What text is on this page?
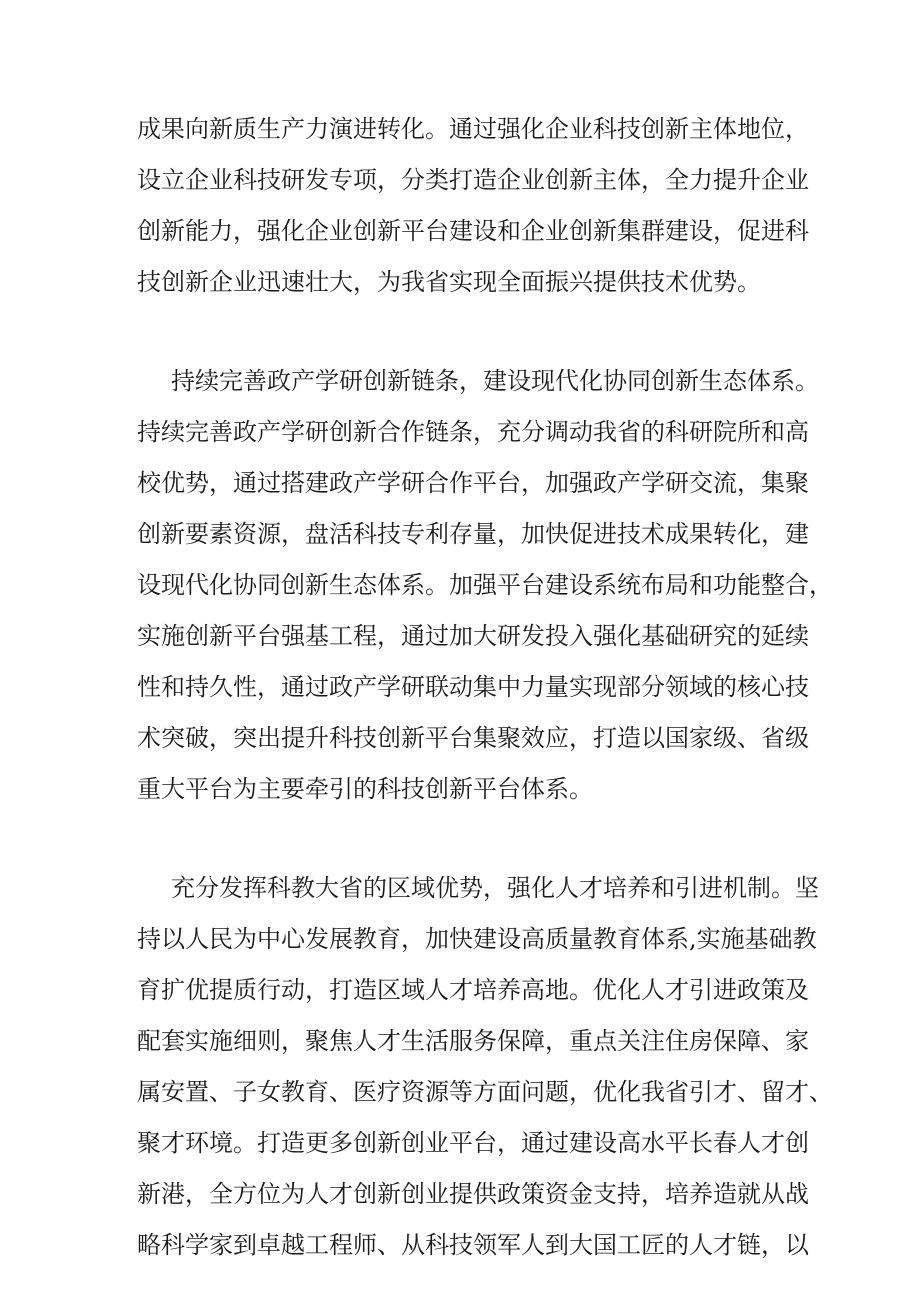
成果向新质生产力演进转化。通过强化企业科技创新主体地位，
设立企业科技研发专项，分类打造企业创新主体，全力提升企业
创新能力，强化企业创新平台建设和企业创新集群建设，促进科
技创新企业迅速壮大，为我省实现全面振兴提供技术优势。
持续完善政产学研创新链条，建设现代化协同创新生态体系。
持续完善政产学研创新合作链条，充分调动我省的科研院所和高
校优势，通过搭建政产学研合作平台，加强政产学研交流，集聚
创新要素资源，盘活科技专利存量，加快促进技术成果转化，建
设现代化协同创新生态体系。加强平台建设系统布局和功能整合，
实施创新平台强基工程，通过加大研发投入强化基础研究的延续
性和持久性，通过政产学研联动集中力量实现部分领域的核心技
术突破，突出提升科技创新平台集聚效应，打造以国家级、省级
重大平台为主要牵引的科技创新平台体系。
充分发挥科教大省的区域优势，强化人才培养和引进机制。坚
持以人民为中心发展教育，加快建设高质量教育体系,实施基础教
育扩优提质行动，打造区域人才培养高地。优化人才引进政策及
配套实施细则，聚焦人才生活服务保障，重点关注住房保障、家
属安置、子女教育、医疗资源等方面问题，优化我省引才、留才、
聚才环境。打造更多创新创业平台，通过建设高水平长春人才创
新港，全方位为人才创新创业提供政策资金支持，培养造就从战
略科学家到卓越工程师、从科技领军人到大国工匠的人才链，以
